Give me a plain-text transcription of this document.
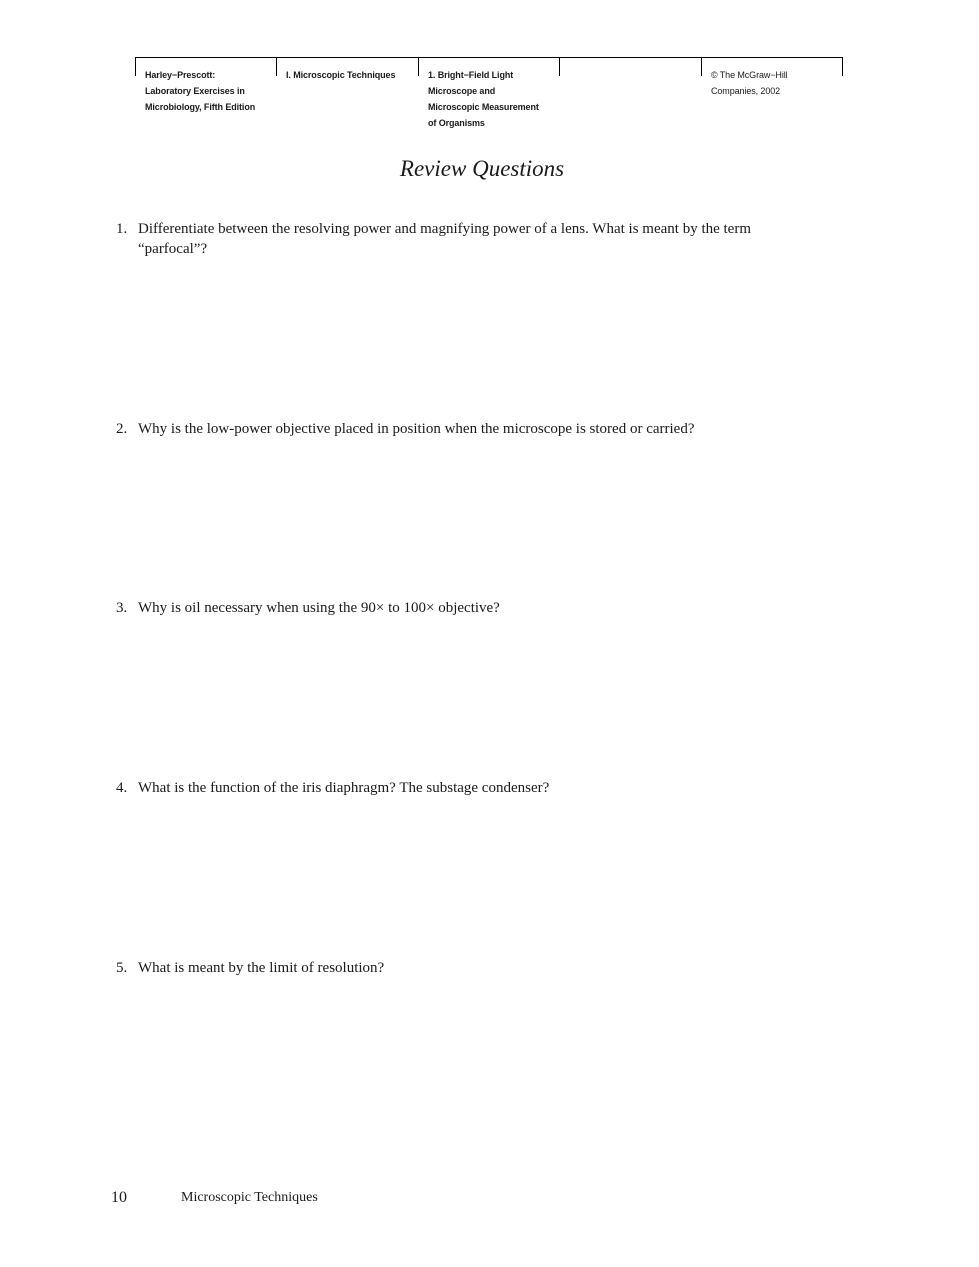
Harley−Prescott:
Laboratory Exercises in
Microbiology, Fifth Edition
I. Microscopic Techniques	1. Bright−Field Light
Microscope and
Microscopic Measurement
of Organisms
© The McGraw−Hill
Companies, 2002
Review Questions
1. Differentiate between the resolving power and magnifying power of a lens. What is meant by the term “parfocal”?
2. Why is the low-power objective placed in position when the microscope is stored or carried?
3. Why is oil necessary when using the 90× to 100× objective?
4. What is the function of the iris diaphragm? The substage condenser?
5. What is meant by the limit of resolution?
10	Microscopic Techniques
